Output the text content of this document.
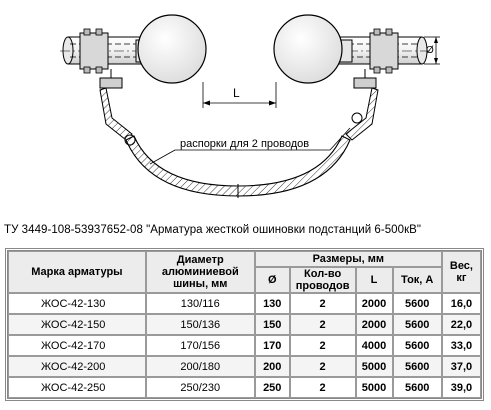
L
Ø
распорки для 2 проводов
ТУ 3449-108-53937652-08 "Арматура жесткой ошиновки подстанций 6-500кВ"
Марка арматуры	Диаметр алюминиевой шины, мм	Размеры, мм				Вес, кг
		Ø	Кол-во проводов	L	Ток, А	
ЖОС-42-130	130/116	130	2	2000	5600	16,0
ЖОС-42-150	150/136	150	2	2000	5600	22,0
ЖОС-42-170	170/156	170	2	4000	5600	33,0
ЖОС-42-200	200/180	200	2	5000	5600	37,0
ЖОС-42-250	250/230	250	2	5000	5600	39,0
